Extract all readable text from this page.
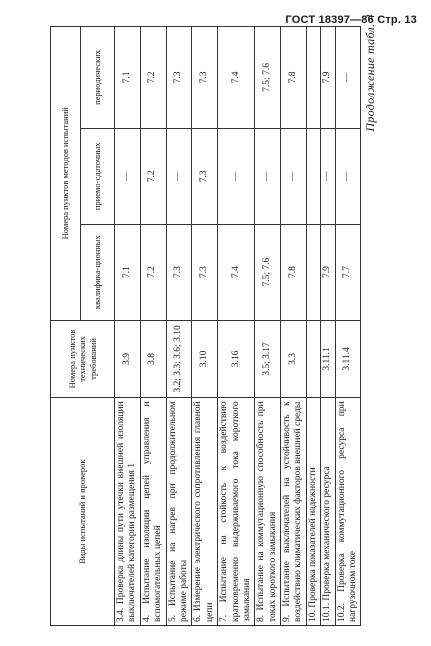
ГОСТ 18397—86 Стр. 13
Продолжение табл. 4
Виды испытаний и проверок	Номера пунктов технических требований	Номера пунктов методов испытаний		
		квалифика-ционных	приемо-сдаточных	периодических
3.4. Проверка длины пути утечки внешней изоляции выключателей категории размещения 1	3.9	7.1	—	7.1
4. Испытание изоляции цепей управления и вспомогательных цепей	3.8	7.2	7.2	7.2
5. Испытание на нагрев при продолжительном режиме работы	3.2; 3.3; 3.6; 3.10	7.3	—	7.3
6. Измерение электрического сопротивления главной цепи	3.10	7.3	7.3	7.3
7. Испытание на стойкость к воздействию кратковременно выдерживаемого тока короткого замыкания	3.16	7.4	—	7.4
8. Испытание на коммутационную способность при токах короткого замыкания	3.5; 3.17	7.5; 7.6	—	7.5; 7.6
9. Испытание выключателей на устойчивость к воздействию климатических факторов внешней среды	3.3	7.8	—	7.8
10. Проверка показателей надежности				
10.1. Проверка механического ресурса	3.11.1	7.9	—	7.9
10.2. Проверка коммутационного ресурса при нагрузочном токе	3.11.4	7.7	—	—
